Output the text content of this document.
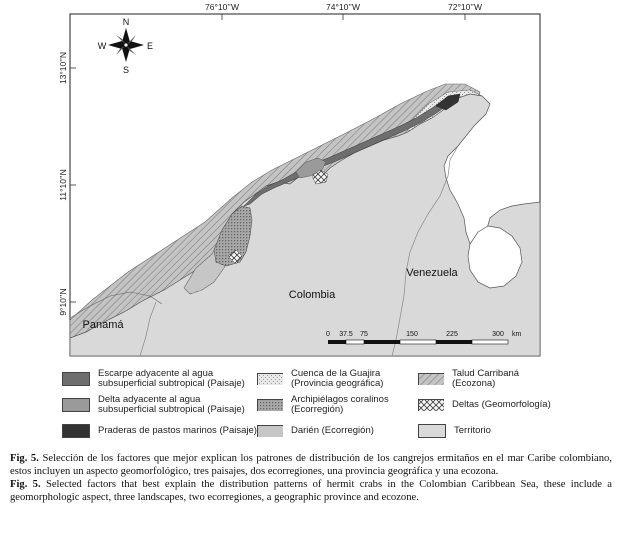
76°10’’W	74°10’’W	72°10’’W
13°10’’N
11°10’’N
9°10’’N
N
S
E
W
Colombia
Venezuela
Panamá
0 37.5 75	150	225	300 km
Escarpe adyacente al agua
subsuperficial subtropical (Paisaje)
Delta adyacente al agua
subsuperficial subtropical (Paisaje)
Praderas de pastos marinos (Paisaje)
Cuenca de la Guajira
(Provincia geográfica)
Archipiélagos coralinos
(Ecorregión)
Darién (Ecorregión)
Talud Carribaná (Ecozona)
Deltas (Geomorfología)
Territorio

Fig. 5. Selección de los factores que mejor explican los patrones de distribución de los cangrejos ermitaños en el mar Caribe colombiano, estos incluyen un aspecto geomorfológico, tres paisajes, dos ecorregiones, una provincia geográfica y una ecozona.

Fig. 5. Selected factors that best explain the distribution patterns of hermit crabs in the Colombian Caribbean Sea, these include a geomorphologic aspect, three landscapes, two ecorregiones, a geographic province and ecozone.
